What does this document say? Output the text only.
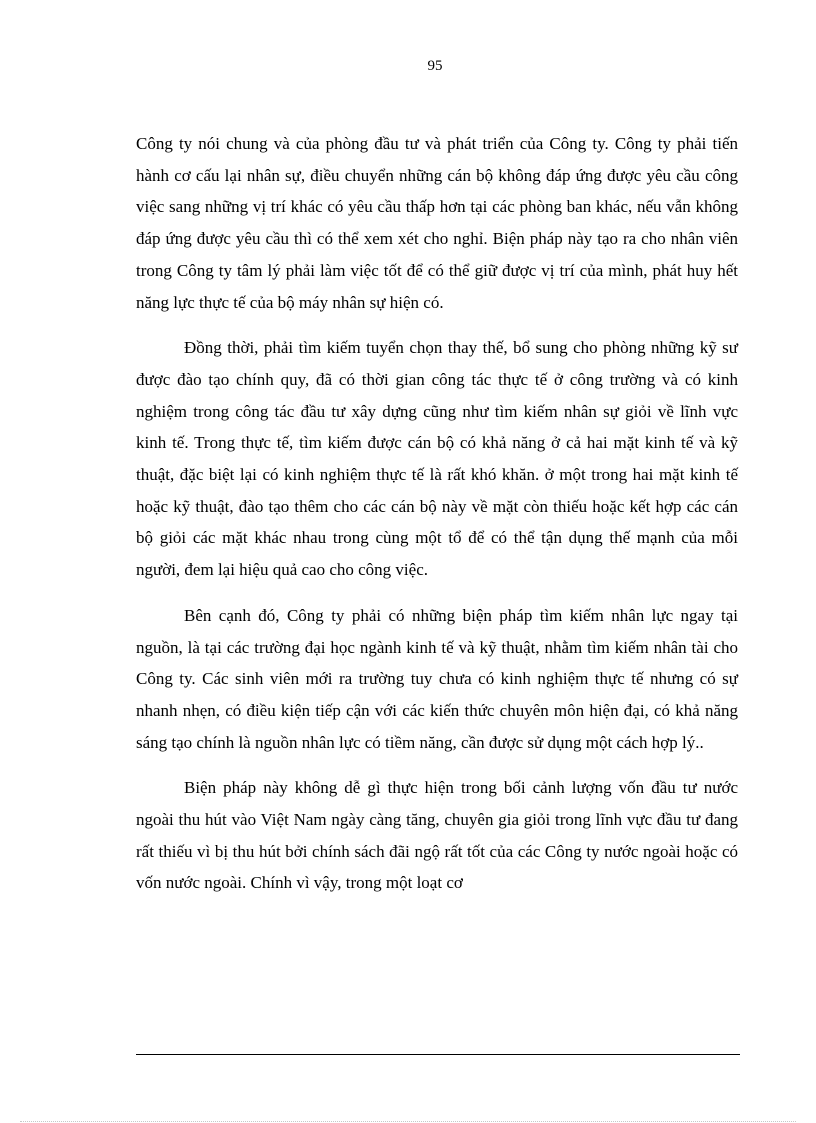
95

Công ty nói chung và của phòng đầu tư và phát triển của Công ty. Công ty phải tiến hành cơ cấu lại nhân sự, điều chuyển những cán bộ không đáp ứng được yêu cầu công việc sang những vị trí khác có yêu cầu thấp hơn tại các phòng ban khác, nếu vẫn không đáp ứng được yêu cầu thì có thể xem xét cho nghỉ. Biện pháp này tạo ra cho nhân viên trong Công ty tâm lý phải làm việc tốt để có thể giữ được vị trí của mình, phát huy hết năng lực thực tế của bộ máy nhân sự hiện có.

Đồng thời, phải tìm kiếm tuyển chọn thay thế, bổ sung cho phòng những kỹ sư được đào tạo chính quy, đã có thời gian công tác thực tế ở công trường và có kinh nghiệm trong công tác đầu tư xây dựng cũng như tìm kiếm nhân sự giỏi về lĩnh vực kinh tế. Trong thực tế, tìm kiếm được cán bộ có khả năng ở cả hai mặt kinh tế và kỹ thuật, đặc biệt lại có kinh nghiệm thực tế là rất khó khăn. ở một trong hai mặt kinh tế hoặc kỹ thuật, đào tạo thêm cho các cán bộ này về mặt còn thiếu hoặc kết hợp các cán bộ giỏi các mặt khác nhau trong cùng một tổ để có thể tận dụng thế mạnh của mỗi người, đem lại hiệu quả cao cho công việc.

Bên cạnh đó, Công ty phải có những biện pháp tìm kiếm nhân lực ngay tại nguồn, là tại các trường đại học ngành kinh tế và kỹ thuật, nhằm tìm kiếm nhân tài cho Công ty. Các sinh viên mới ra trường tuy chưa có kinh nghiệm thực tế nhưng có sự nhanh nhẹn, có điều kiện tiếp cận với các kiến thức chuyên môn hiện đại, có khả năng sáng tạo chính là nguồn nhân lực có tiềm năng, cần được sử dụng một cách hợp lý..

Biện pháp này không dễ gì thực hiện trong bối cảnh lượng vốn đầu tư nước ngoài thu hút vào Việt Nam ngày càng tăng, chuyên gia giỏi trong lĩnh vực đầu tư đang rất thiếu vì bị thu hút bởi chính sách đãi ngộ rất tốt của các Công ty nước ngoài hoặc có vốn nước ngoài. Chính vì vậy, trong một loạt cơ
